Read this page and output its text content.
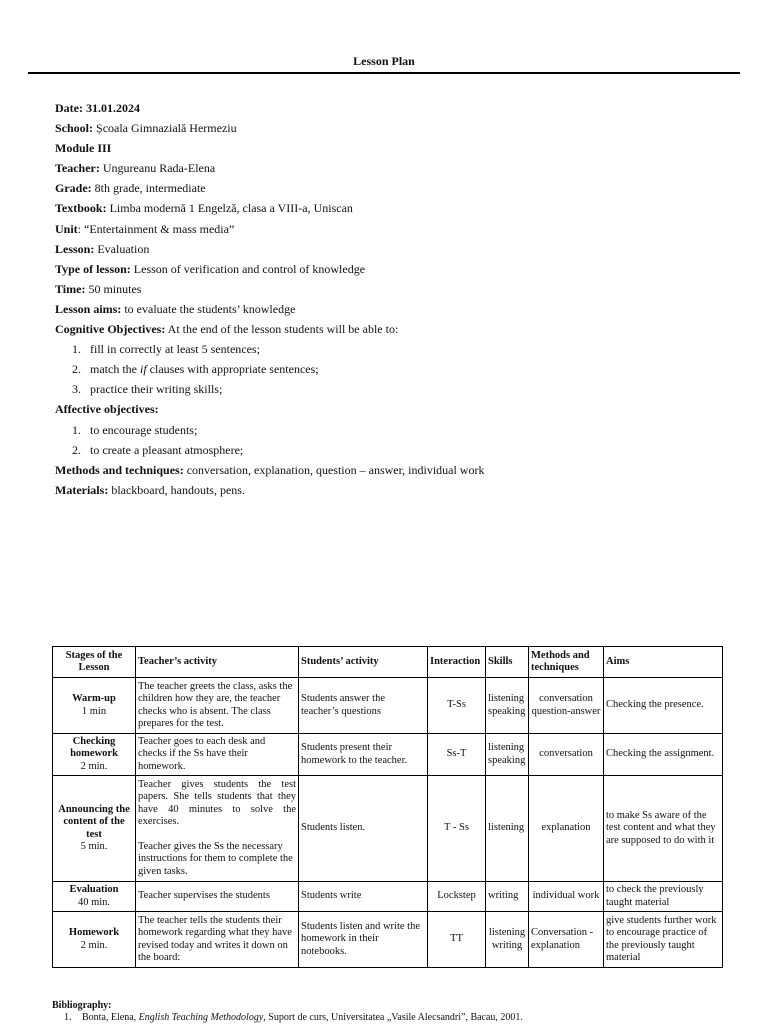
Lesson Plan
Date: 31.01.2024
School: Școala Gimnazială Hermeziu
Module III
Teacher: Ungureanu Rada-Elena
Grade: 8th grade, intermediate
Textbook: Limba modernă 1 Engelză, clasa a VIII-a, Uniscan
Unit: “Entertainment & mass media”
Lesson: Evaluation
Type of lesson: Lesson of verification and control of knowledge
Time: 50 minutes
Lesson aims: to evaluate the students’ knowledge
Cognitive Objectives: At the end of the lesson students will be able to:
1. fill in correctly at least 5 sentences;
2. match the if clauses with appropriate sentences;
3. practice their writing skills;
Affective objectives:
1. to encourage students;
2. to create a pleasant atmosphere;
Methods and techniques: conversation, explanation, question – answer, individual work
Materials: blackboard, handouts, pens.
Stages of the Lesson	Teacher’s activity	Students’ activity	Interaction	Skills	Methods and techniques	Aims

Warm-up
1 min	The teacher greets the class, asks the children how they are, the teacher checks who is absent. The class prepares for the test.	Students answer the teacher’s questions	T-Ss	listening speaking	conversation question-answer	Checking the presence.

Checking homework
2 min.	Teacher goes to each desk and checks if the Ss have their homework.	Students present their homework to the teacher.	Ss-T	listening speaking	conversation	Checking the assignment.

Announcing the content of the test
5 min.	Teacher gives students the test papers. She tells students that they have 40 minutes to solve the exercises.
Teacher gives the Ss the necessary instructions for them to complete the given tasks.	Students listen.	T - Ss	listening	explanation	to make Ss aware of the test content and what they are supposed to do with it

Evaluation
40 min.	Teacher supervises the students	Students write	Lockstep	writing	individual work	to check the previously taught material

Homework
2 min.	The teacher tells the students their homework regarding what they have revised today and writes it down on the board:	Students listen and write the homework in their notebooks.	TT	listening writing	Conversation - explanation	give students further work to encourage practice of the previously taught material
Bibliography:
1. Bonta, Elena, English Teaching Methodology, Suport de curs, Universitatea „Vasile Alecsandri”, Bacau, 2001.
